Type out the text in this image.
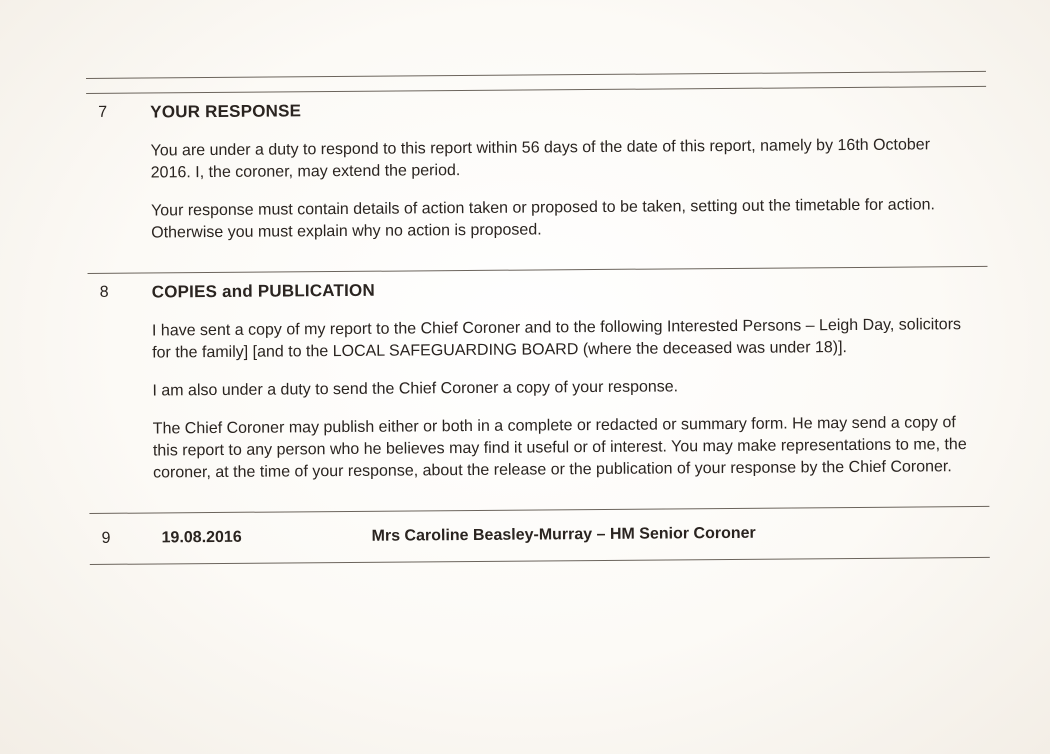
7	YOUR RESPONSE

You are under a duty to respond to this report within 56 days of the date of this report, namely by 16th October 2016. I, the coroner, may extend the period.

Your response must contain details of action taken or proposed to be taken, setting out the timetable for action. Otherwise you must explain why no action is proposed.

8	COPIES and PUBLICATION

I have sent a copy of my report to the Chief Coroner and to the following Interested Persons – Leigh Day, solicitors for the family] [and to the LOCAL SAFEGUARDING BOARD (where the deceased was under 18)].

I am also under a duty to send the Chief Coroner a copy of your response.

The Chief Coroner may publish either or both in a complete or redacted or summary form. He may send a copy of this report to any person who he believes may find it useful or of interest. You may make representations to me, the coroner, at the time of your response, about the release or the publication of your response by the Chief Coroner.

9	19.08.2016	Mrs Caroline Beasley-Murray – HM Senior Coroner
